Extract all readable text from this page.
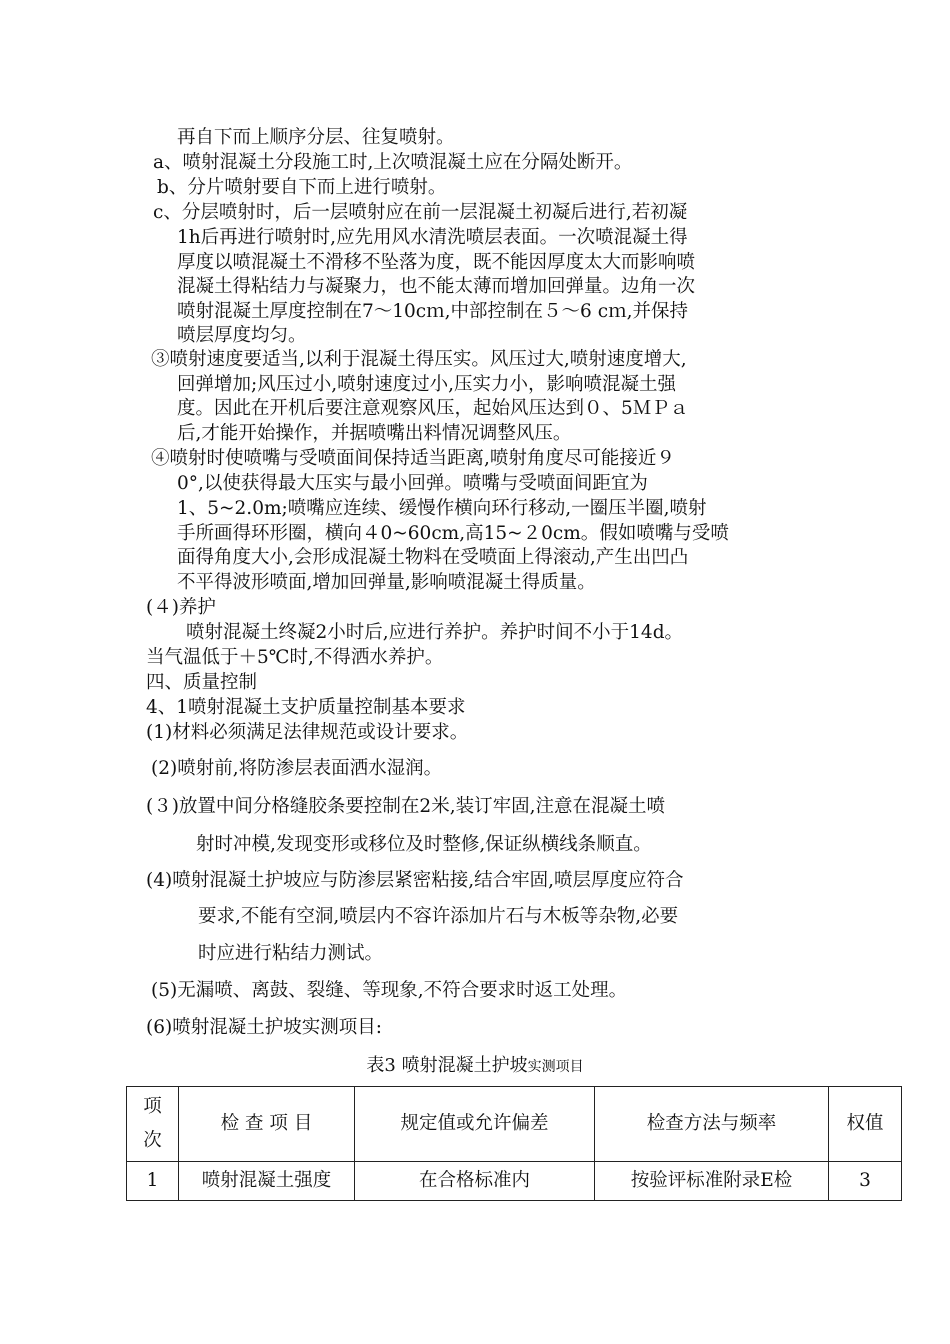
再自下而上顺序分层、往复喷射。
a、喷射混凝土分段施工时,上次喷混凝土应在分隔处断开。
b、分片喷射要自下而上进行喷射。
c、分层喷射时，后一层喷射应在前一层混凝土初凝后进行,若初凝
1h后再进行喷射时,应先用风水清洗喷层表面。一次喷混凝土得
厚度以喷混凝土不滑移不坠落为度，既不能因厚度太大而影响喷
混凝土得粘结力与凝聚力，也不能太薄而增加回弹量。边角一次
喷射混凝土厚度控制在7～10cｍ,中部控制在５～6 cｍ,并保持
喷层厚度均匀。
③喷射速度要适当,以利于混凝土得压实。风压过大,喷射速度增大,
回弹增加;风压过小,喷射速度过小,压实力小，影响喷混凝土强
度。因此在开机后要注意观察风压，起始风压达到０、5ＭＰａ
后,才能开始操作，并据喷嘴出料情况调整风压。
④喷射时使喷嘴与受喷面间保持适当距离,喷射角度尽可能接近９
0°,以使获得最大压实与最小回弹。喷嘴与受喷面间距宜为
1、5~2.0m;喷嘴应连续、缓慢作横向环行移动,一圈压半圈,喷射
手所画得环形圈，横向４0~60cm,高15~２0cm。假如喷嘴与受喷
面得角度大小,会形成混凝土物料在受喷面上得滚动,产生出凹凸
不平得波形喷面,增加回弹量,影响喷混凝土得质量。
(４)养护
喷射混凝土终凝2小时后,应进行养护。养护时间不小于14d。
当气温低于＋5℃时,不得洒水养护。
四、质量控制
4、1喷射混凝土支护质量控制基本要求
(1)材料必须满足法律规范或设计要求。
(2)喷射前,将防渗层表面洒水湿润。
(３)放置中间分格缝胶条要控制在2米,装订牢固,注意在混凝土喷
射时冲模,发现变形或移位及时整修,保证纵横线条顺直。
(4)喷射混凝土护坡应与防渗层紧密粘接,结合牢固,喷层厚度应符合
要求,不能有空洞,喷层内不容许添加片石与木板等杂物,必要
时应进行粘结力测试。
(5)无漏喷、离鼓、裂缝、等现象,不符合要求时返工处理。
(6)喷射混凝土护坡实测项目:
表3 喷射混凝土护坡实测项目
项次	检 查 项 目	规定值或允许偏差	检查方法与频率	权值
1	喷射混凝土强度	在合格标准内	按验评标准附录E检	3
